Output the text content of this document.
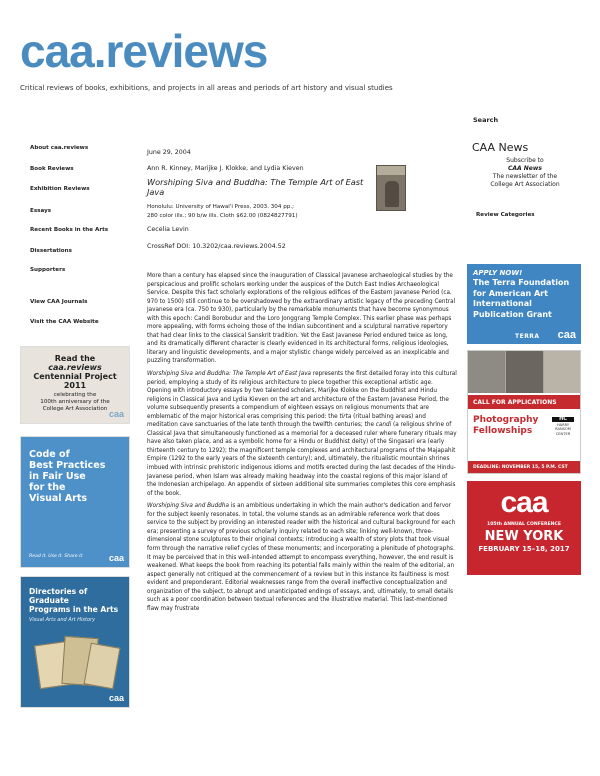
caa.reviews
Critical reviews of books, exhibitions, and projects in all areas and periods of art history and visual studies
About caa.reviews
Book Reviews
Exhibition Reviews
Essays
Recent Books in the Arts
Dissertations
Supporters
View CAA Journals
Visit the CAA Website
Read the
caa.reviews
Centennial Project
2011
celebrating the
100th anniversary of the
College Art Association caa
Code of
Best Practices
in Fair Use
for the
Visual Arts
Read it. Use it. Share it.	caa
Directories of Graduate
Programs in the Arts
Visual Arts and Art History
caa
June 29, 2004
Ann R. Kinney, Marijke J. Klokke, and Lydia Kieven
Worshiping Siva and Buddha: The Temple Art of East Java
Honolulu: University of Hawai'i Press, 2003. 304 pp.;
280 color ills.; 90 b/w ills. Cloth $62.00 (0824827791)
Cecelia Levin
CrossRef DOI: 10.3202/caa.reviews.2004.52

More than a century has elapsed since the inauguration of Classical Javanese archaeological studies by the perspicacious and prolific scholars working under the auspices of the Dutch East Indies Archaeological Service. Despite this fact scholarly explorations of the religious edifices of the Eastern Javanese Period (ca. 970 to 1500) still continue to be overshadowed by the extraordinary artistic legacy of the preceding Central Javanese era (ca. 750 to 930), particularly by the remarkable monuments that have become synonymous with this epoch: Candi Borobudur and the Loro Jonggrang Temple Complex. This earlier phase was perhaps more appealing, with forms echoing those of the Indian subcontinent and a sculptural narrative repertory that had clear links to the classical Sanskrit tradition. Yet the East Javanese Period endured twice as long, and its dramatically different character is clearly evidenced in its architectural forms, religious ideologies, literary and linguistic developments, and a major stylistic change widely perceived as an inexplicable and puzzling transformation.

Worshiping Siva and Buddha: The Temple Art of East Java represents the first detailed foray into this cultural period, employing a study of its religious architecture to piece together this exceptional artistic age. Opening with introductory essays by two talented scholars, Marijke Klokke on the Buddhist and Hindu religions in Classical Java and Lydia Kieven on the art and architecture of the Eastern Javanese Period, the volume subsequently presents a compendium of eighteen essays on religious monuments that are emblematic of the major historical eras comprising this period: the tirta (ritual bathing areas) and meditation cave sanctuaries of the late tenth through the twelfth centuries; the candi (a religious shrine of Classical Java that simultaneously functioned as a memorial for a deceased ruler where funerary rituals may have also taken place, and as a symbolic home for a Hindu or Buddhist deity) of the Singasari era (early thirteenth century to 1292); the magnificent temple complexes and architectural programs of the Majapahit Empire (1292 to the early years of the sixteenth century); and, ultimately, the ritualistic mountain shrines imbued with intrinsic prehistoric indigenous idioms and motifs erected during the last decades of the Hindu-Javanese period, when Islam was already making headway into the coastal regions of this major island of the Indonesian archipelago. An appendix of sixteen additional site summaries completes this core emphasis of the book.

Worshiping Siva and Buddha is an ambitious undertaking in which the main author's dedication and fervor for the subject keenly resonates. In total, the volume stands as an admirable reference work that does service to the subject by providing an interested reader with the historical and cultural background for each era; presenting a survey of previous scholarly inquiry related to each site; linking well-known, three-dimensional stone sculptures to their original contexts; introducing a wealth of story plots that took visual form through the narrative relief cycles of these monuments; and incorporating a plenitude of photographs. It may be perceived that in this well-intended attempt to encompass everything, however, the end result is weakened. What keeps the book from reaching its potential falls mainly within the realm of the editorial, an aspect generally not critiqued at the commencement of a review but in this instance its faultiness is most evident and preponderant. Editorial weaknesses range from the overall ineffective conceptualization and organization of the subject, to abrupt and unanticipated endings of essays, and, ultimately, to small details such as a poor coordination between textual references and the illustrative material. This last-mentioned flaw may frustrate

Search
CAA News
Subscribe to
CAA News
The newsletter of the
College Art Association
Review Categories
APPLY NOW!
The Terra Foundation
for American Art
International
Publication Grant
TERRA caa
CALL FOR APPLICATIONS
Photography
Fellowships
HC
HARRY RANSOM
CENTER
DEADLINE: NOVEMBER 15, 5 P.M. CST
caa
105th ANNUAL CONFERENCE
NEW YORK
FEBRUARY 15–18, 2017
